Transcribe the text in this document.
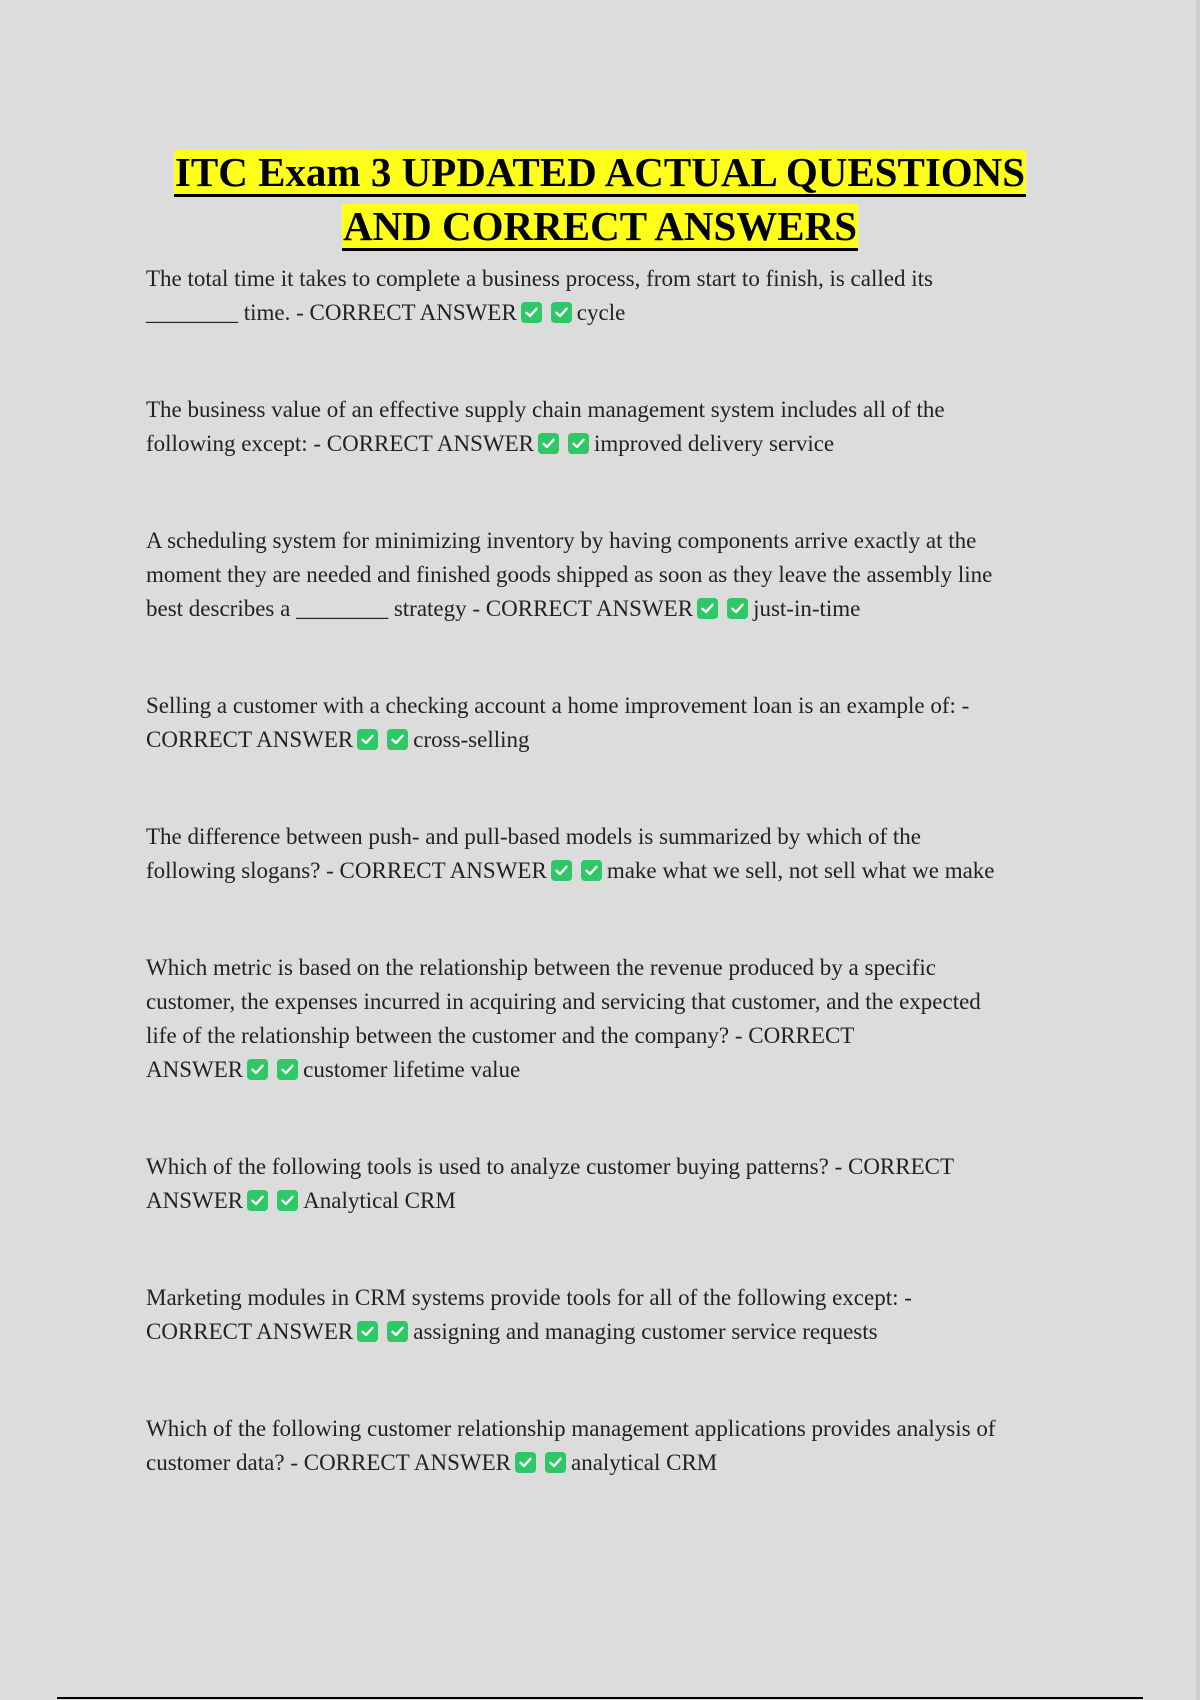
ITC Exam 3 UPDATED ACTUAL QUESTIONS
AND CORRECT ANSWERS
The total time it takes to complete a business process, from start to finish, is called its
________ time. - CORRECT ANSWER	cycle
The business value of an effective supply chain management system includes all of the
following except: - CORRECT ANSWER	improved delivery service
A scheduling system for minimizing inventory by having components arrive exactly at the
moment they are needed and finished goods shipped as soon as they leave the assembly line
best describes a ________ strategy - CORRECT ANSWER	just-in-time
Selling a customer with a checking account a home improvement loan is an example of: -
CORRECT ANSWER	cross-selling
The difference between push- and pull-based models is summarized by which of the
following slogans? - CORRECT ANSWER	make what we sell, not sell what we make
Which metric is based on the relationship between the revenue produced by a specific
customer, the expenses incurred in acquiring and servicing that customer, and the expected
life of the relationship between the customer and the company? - CORRECT
ANSWER	customer lifetime value
Which of the following tools is used to analyze customer buying patterns? - CORRECT
ANSWER	Analytical CRM
Marketing modules in CRM systems provide tools for all of the following except: -
CORRECT ANSWER	assigning and managing customer service requests
Which of the following customer relationship management applications provides analysis of
customer data? - CORRECT ANSWER	analytical CRM
